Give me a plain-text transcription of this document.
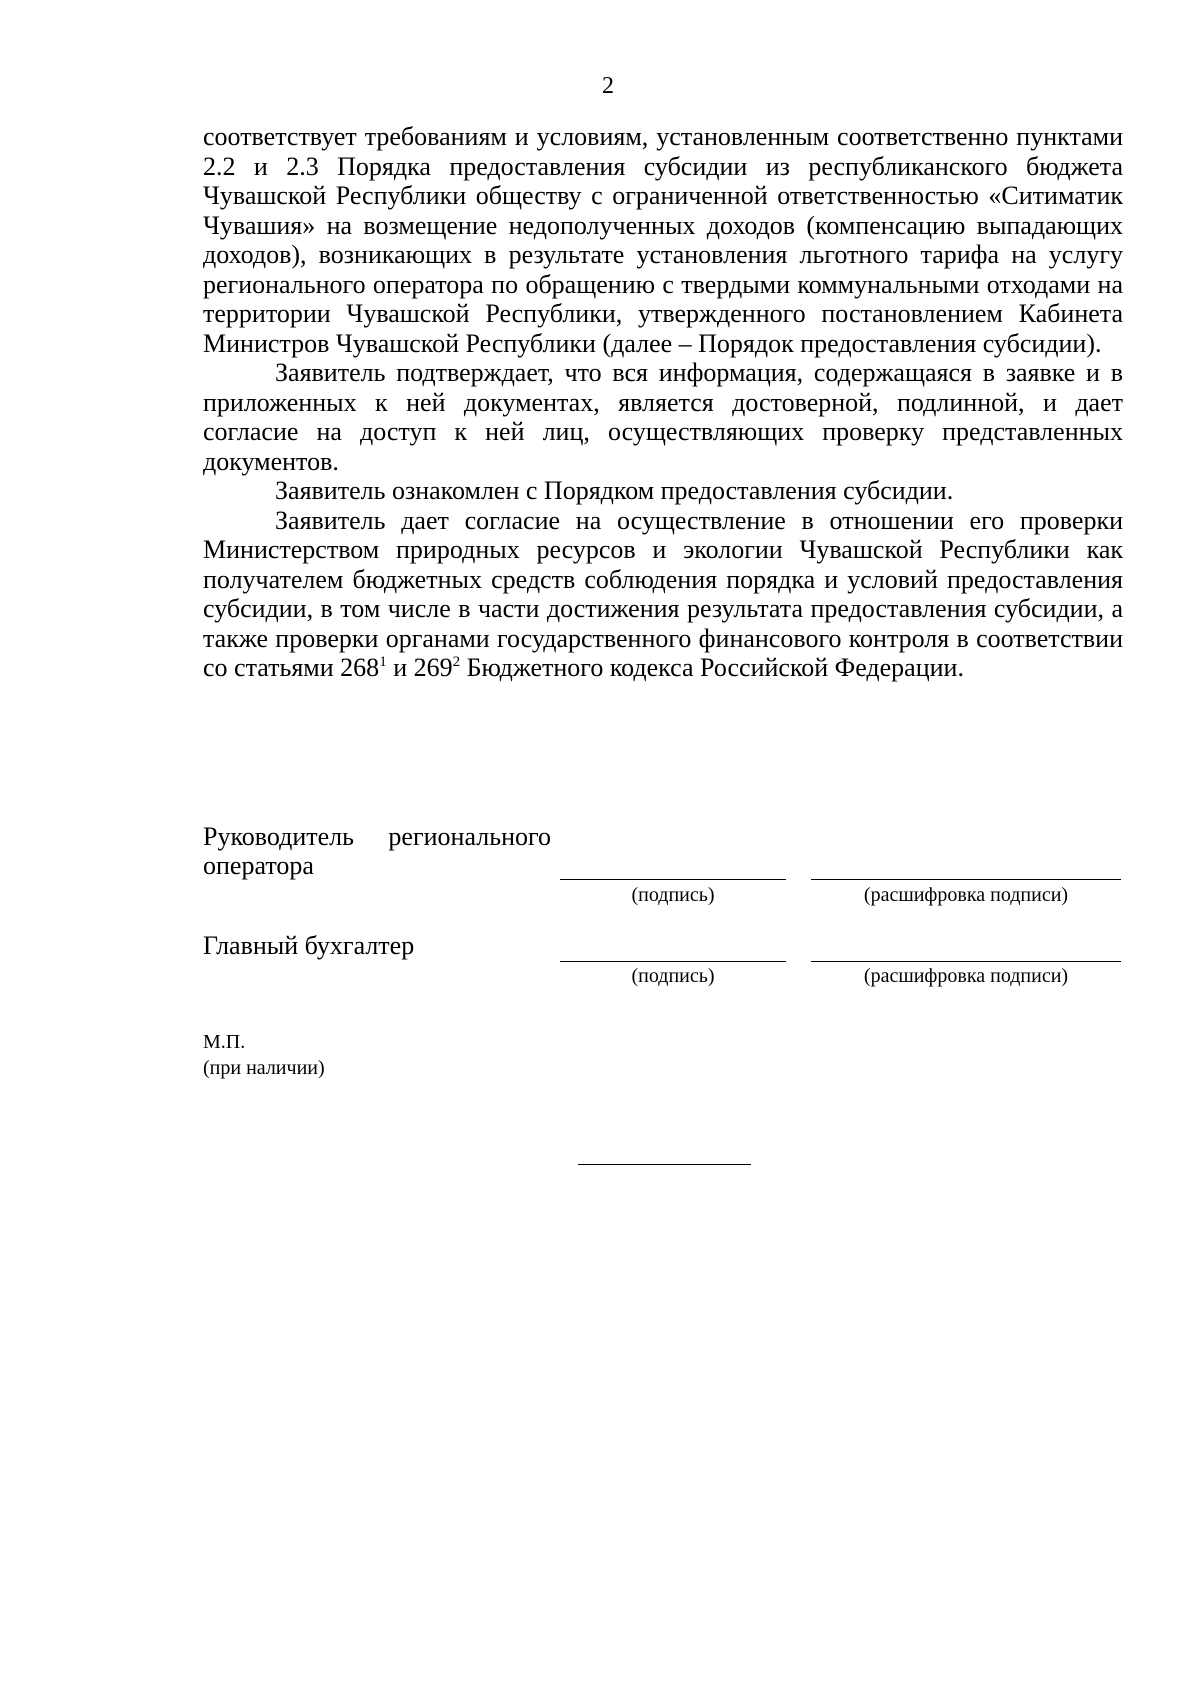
2

соответствует требованиям и условиям, установленным соответственно пунктами 2.2 и 2.3 Порядка предоставления субсидии из республиканского бюджета Чувашской Республики обществу с ограниченной ответственностью «Ситиматик Чувашия» на возмещение недополученных доходов (компенсацию выпадающих доходов), возникающих в результате установления льготного тарифа на услугу регионального оператора по обращению с твердыми коммунальными отходами на территории Чувашской Республики, утвержденного постановлением Кабинета Министров Чувашской Республики (далее – Порядок предоставления субсидии).

Заявитель подтверждает, что вся информация, содержащаяся в заявке и в приложенных к ней документах, является достоверной, подлинной, и дает согласие на доступ к ней лиц, осуществляющих проверку представленных документов.

Заявитель ознакомлен с Порядком предоставления субсидии.

Заявитель дает согласие на осуществление в отношении его проверки Министерством природных ресурсов и экологии Чувашской Республики как получателем бюджетных средств соблюдения порядка и условий предоставления субсидии, в том числе в части достижения результата предоставления субсидии, а также проверки органами государственного финансового контроля в соответствии со статьями $268^1$ и $269^2$ Бюджетного кодекса Российской Федерации.

Руководитель регионального оператора
(подпись)	(расшифровка подписи)
Главный бухгалтер
(подпись)	(расшифровка подписи)
М.П.
(при наличии)
